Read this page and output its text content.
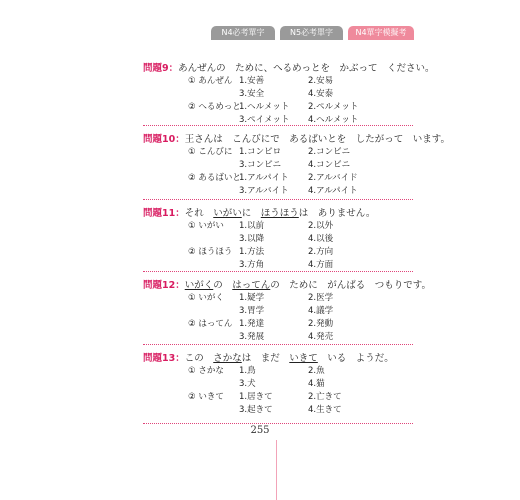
N4必考單字	N5必考單字	N4單字模擬考
問題9：あんぜんの　ために、へるめっとを　かぶって　ください。
① あんぜん 1.安善	2.安易
3.安全	4.安泰
② へるめっと
1.ヘルメット 2.ペルメット
3.ペイメット 4.ヘルメット
問題10：王さんは　こんびにで　あるばいとを　したがって　います。
① こんびに 1.コンピロ	2.コンビニ
3.コンピニ	4.コンビニ
② あるばいと
1.アルパイト 2.アルバイド
3.アルバイト 4.アルパイト
問題11：それ　いがいに　ほうほうは　ありません。
① いがい 1.以前	2.以外
3.以降	4.以後
② ほうほう 1.方法	2.方向
3.方角	4.方面
問題12：いがくの　はってんの　ために　がんばる　つもりです。
① いがく 1.疑学	2.医学
3.胃学	4.議学
② はってん 1.発達	2.発動
3.発展	4.発売
問題13：この　さかなは　まだ　いきて　いる　ようだ。
① さかな 1.鳥	2.魚
3.犬	4.猫
② いきて 1.居きて	2.亡きて
3.起きて	4.生きて
255
